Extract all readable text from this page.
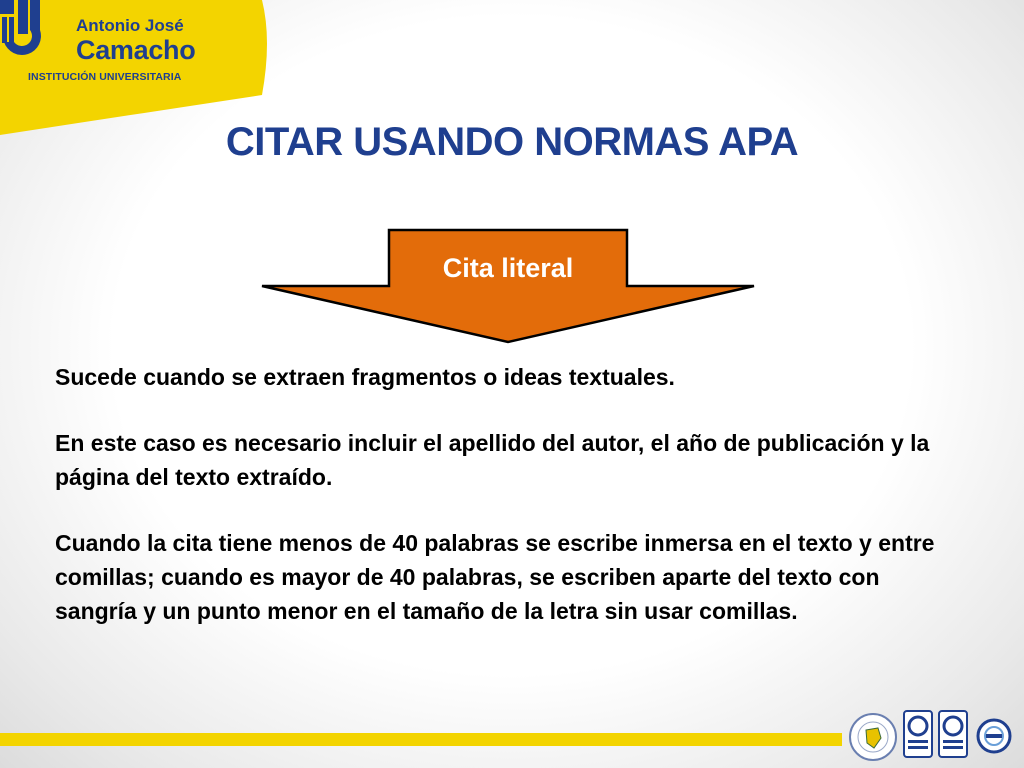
Antonio José
Camacho
INSTITUCIÓN UNIVERSITARIA
CITAR USANDO NORMAS APA
Cita literal

Sucede cuando se extraen fragmentos o ideas textuales.

En este caso es necesario incluir el apellido del autor, el año de publicación y la página del texto extraído.

Cuando la cita tiene menos de 40 palabras se escribe inmersa en el texto y entre comillas; cuando es mayor de 40 palabras, se escriben aparte del texto con sangría y un punto menor en el tamaño de la letra sin usar comillas.
